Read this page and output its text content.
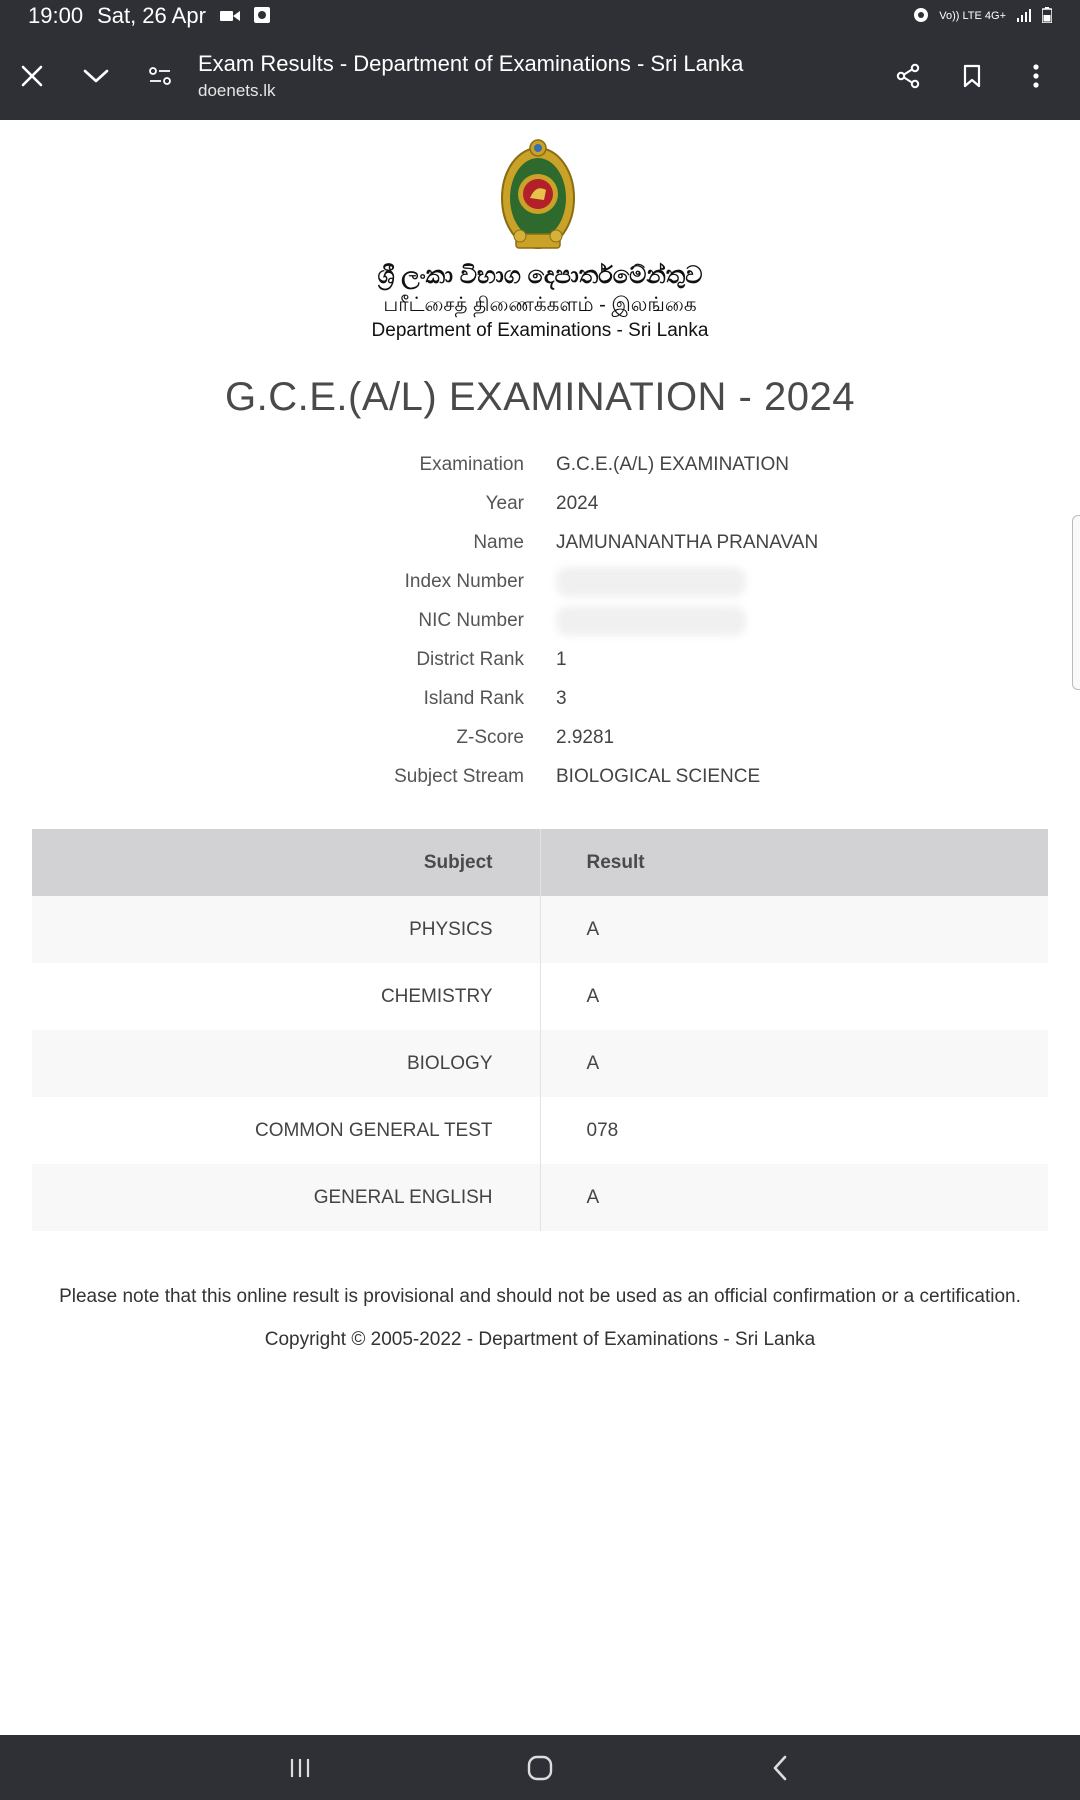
19:00 Sat, 26 Apr	Vo)) LTE 4G+
Exam Results - Department of Examinations - Sri Lanka
doenets.lk
ශ්‍රී ලංකා විභාග දෙපාර්තමේන්තුව
பரீட்சைத் திணைக்களம் - இலங்கை
Department of Examinations - Sri Lanka
G.C.E.(A/L) EXAMINATION - 2024
Examination G.C.E.(A/L) EXAMINATION
Year 2024
Name JAMUNANANTHA PRANAVAN
Index Number
NIC Number
District Rank 1
Island Rank 3
Z-Score 2.9281
Subject Stream BIOLOGICAL SCIENCE
Subject	Result
PHYSICS	A
CHEMISTRY	A
BIOLOGY	A
COMMON GENERAL TEST	078
GENERAL ENGLISH	A
Please note that this online result is provisional and should not be used as an official confirmation or a certification.
Copyright © 2005-2022 - Department of Examinations - Sri Lanka
